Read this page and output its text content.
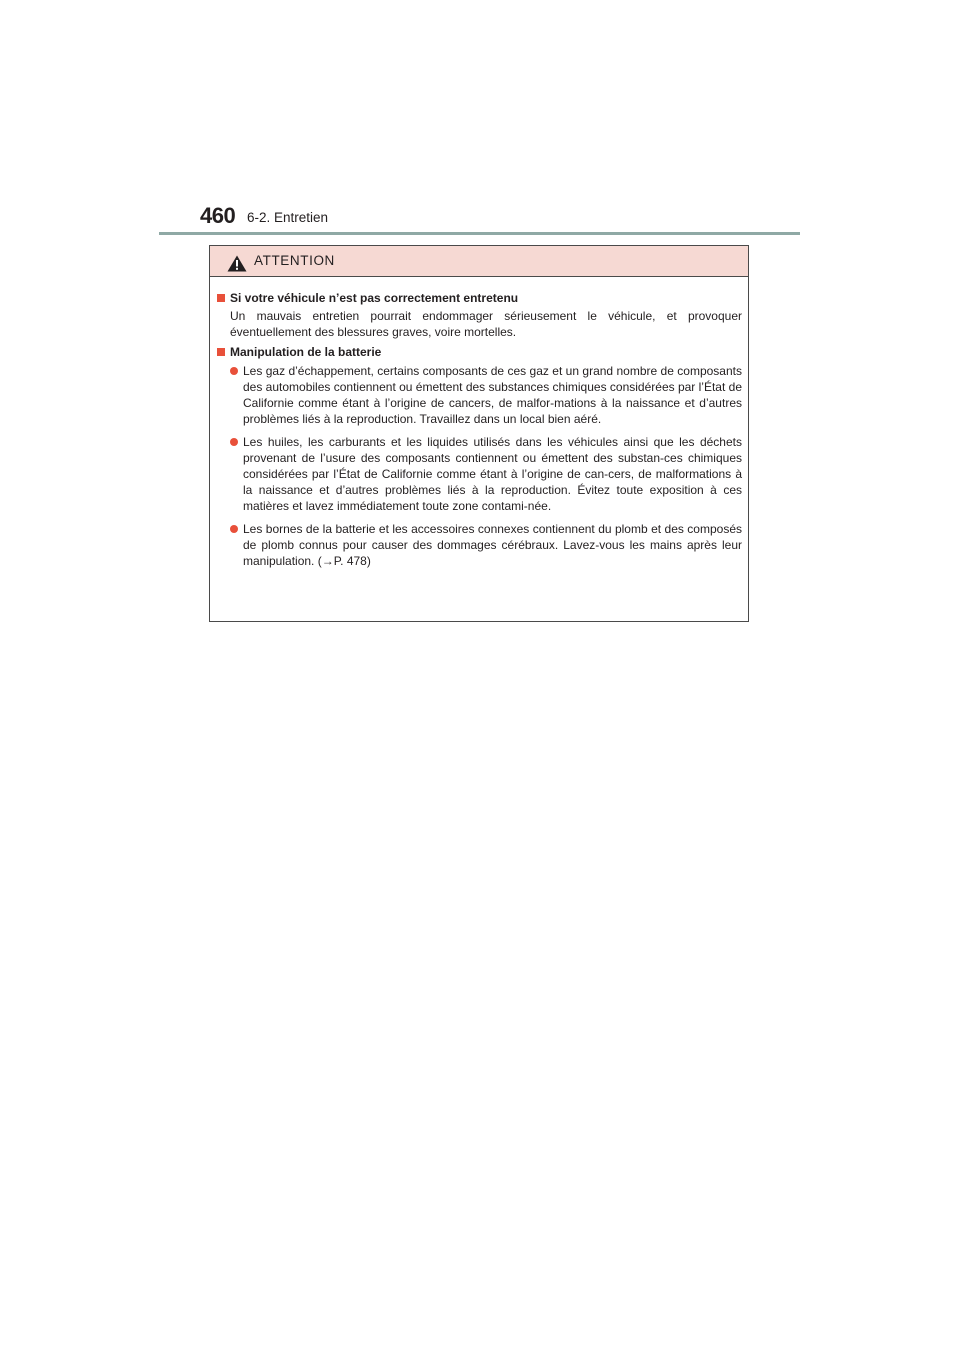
460 6-2. Entretien
ATTENTION
Si votre véhicule n’est pas correctement entretenu
Un mauvais entretien pourrait endommager sérieusement le véhicule, et provoquer éventuellement des blessures graves, voire mortelles.
Manipulation de la batterie
Les gaz d’échappement, certains composants de ces gaz et un grand nombre de composants des automobiles contiennent ou émettent des substances chimiques considérées par l’État de Californie comme étant à l’origine de cancers, de malfor-mations à la naissance et d’autres problèmes liés à la reproduction. Travaillez dans un local bien aéré.
Les huiles, les carburants et les liquides utilisés dans les véhicules ainsi que les déchets provenant de l’usure des composants contiennent ou émettent des substan-ces chimiques considérées par l’État de Californie comme étant à l’origine de can-cers, de malformations à la naissance et d’autres problèmes liés à la reproduction. Évitez toute exposition à ces matières et lavez immédiatement toute zone contami-née.
Les bornes de la batterie et les accessoires connexes contiennent du plomb et des composés de plomb connus pour causer des dommages cérébraux. Lavez-vous les mains après leur manipulation. (→P. 478)
